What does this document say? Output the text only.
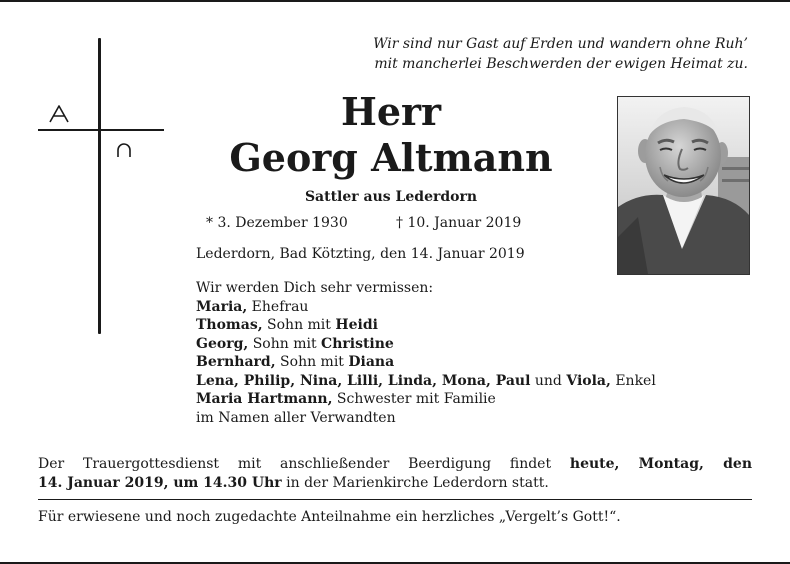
Wir sind nur Gast auf Erden und wandern ohne Ruh’
mit mancherlei Beschwerden der ewigen Heimat zu.
Herr
Georg Altmann
Sattler aus Lederdorn
* 3. Dezember 1930	† 10. Januar 2019
Lederdorn, Bad Kötzting, den 14. Januar 2019
Wir werden Dich sehr vermissen:
Maria, Ehefrau
Thomas, Sohn mit Heidi
Georg, Sohn mit Christine
Bernhard, Sohn mit Diana
Lena, Philip, Nina, Lilli, Linda, Mona, Paul und Viola, Enkel
Maria Hartmann, Schwester mit Familie
im Namen aller Verwandten
Der Trauergottesdienst mit anschließender Beerdigung findet heute, Montag, den
14. Januar 2019, um 14.30 Uhr in der Marienkirche Lederdorn statt.
Für erwiesene und noch zugedachte Anteilnahme ein herzliches „Vergelt’s Gott!“.
